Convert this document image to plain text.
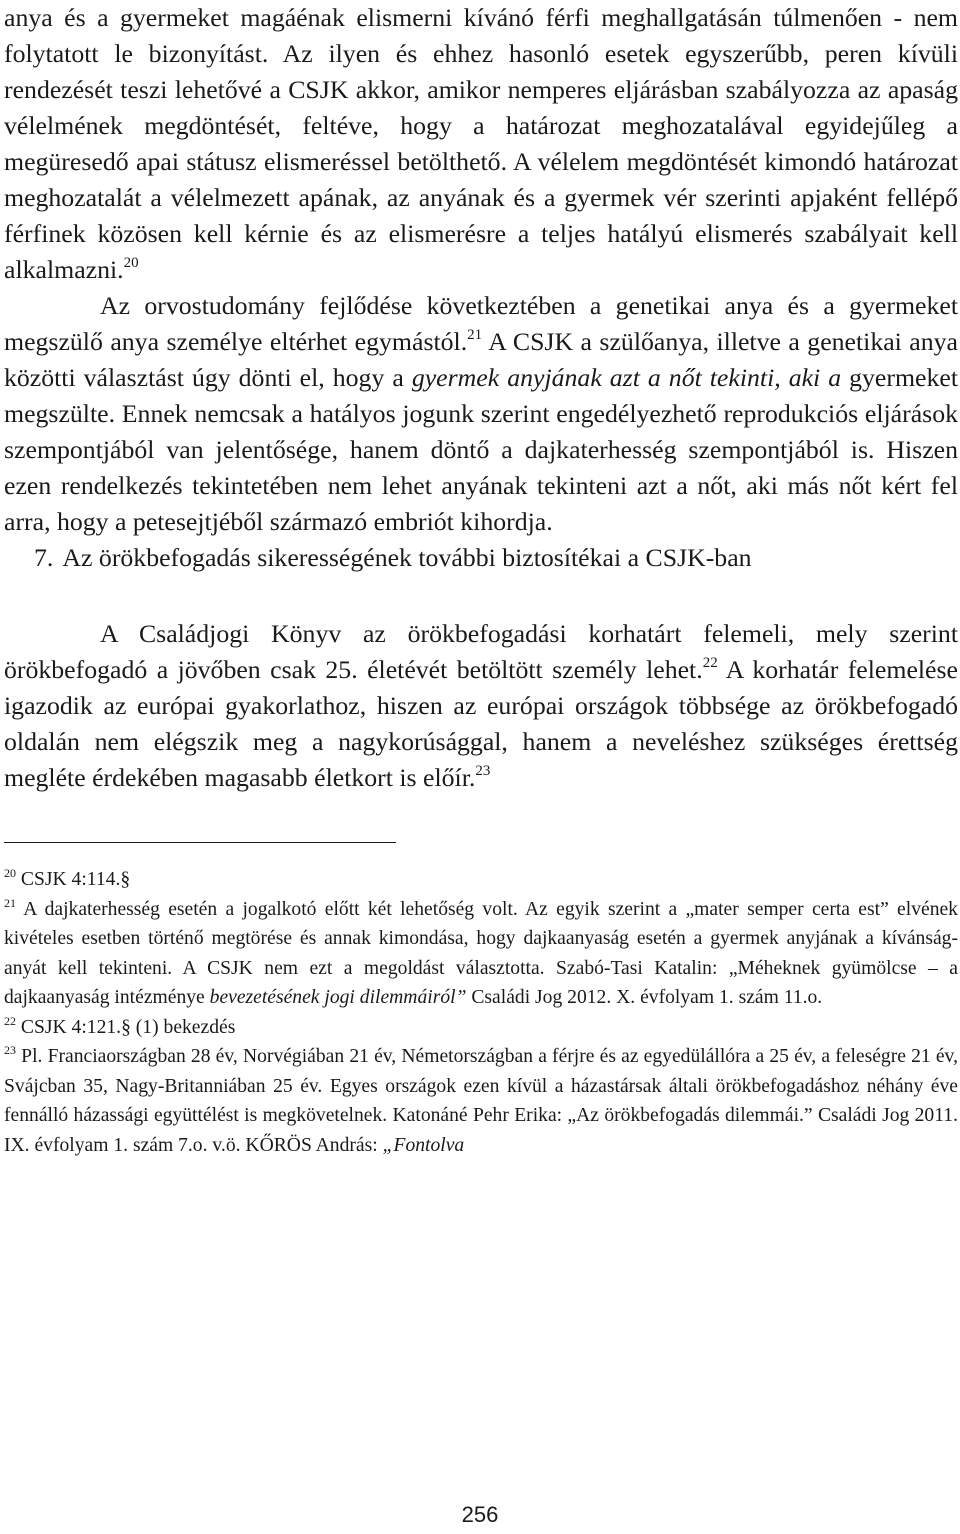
anya és a gyermeket magáénak elismerni kívánó férfi meghallgatásán túlmenően - nem folytatott le bizonyítást. Az ilyen és ehhez hasonló esetek egyszerűbb, peren kívüli rendezését teszi lehetővé a CSJK akkor, amikor nemperes eljárásban szabályozza az apaság vélelmének megdöntését, feltéve, hogy a határozat meghozatalával egyidejűleg a megüresedő apai státusz elismeréssel betölthető. A vélelem megdöntését kimondó határozat meghozatalát a vélelmezett apának, az anyának és a gyermek vér szerinti apjaként fellépő férfinek közösen kell kérnie és az elismerésre a teljes hatályú elismerés szabályait kell alkalmazni.$^{20}$

Az orvostudomány fejlődése következtében a genetikai anya és a gyermeket megszülő anya személye eltérhet egymástól.$^{21}$ A CSJK a szülőanya, illetve a genetikai anya közötti választást úgy dönti el, hogy a gyermek anyjának azt a nőt tekinti, aki a gyermeket megszülte. Ennek nemcsak a hatályos jogunk szerint engedélyezhető reprodukciós eljárások szempontjából van jelentősége, hanem döntő a dajkaterhesség szempontjából is. Hiszen ezen rendelkezés tekintetében nem lehet anyának tekinteni azt a nőt, aki más nőt kért fel arra, hogy a petesejtjéből származó embriót kihordja.

7. Az örökbefogadás sikerességének további biztosítékai a CSJK-ban

A Családjogi Könyv az örökbefogadási korhatárt felemeli, mely szerint örökbefogadó a jövőben csak 25. életévét betöltött személy lehet.$^{22}$ A korhatár felemelése igazodik az európai gyakorlathoz, hiszen az európai országok többsége az örökbefogadó oldalán nem elégszik meg a nagykorúsággal, hanem a neveléshez szükséges érettség megléte érdekében magasabb életkort is előír.$^{23}$

$^{20}$ CSJK 4:114.§

$^{21}$ A dajkaterhesség esetén a jogalkotó előtt két lehetőség volt. Az egyik szerint a „mater semper certa est” elvének kivételes esetben történő megtörése és annak kimondása, hogy dajkaanyaság esetén a gyermek anyjának a kívánság-anyát kell tekinteni. A CSJK nem ezt a megoldást választotta. Szabó-Tasi Katalin: „Méheknek gyümölcse – a dajkaanyaság intézménye bevezetésének jogi dilemmáiról” Családi Jog 2012. X. évfolyam 1. szám 11.o.

$^{22}$ CSJK 4:121.§ (1) bekezdés

$^{23}$ Pl. Franciaországban 28 év, Norvégiában 21 év, Németországban a férjre és az egyedülállóra a 25 év, a feleségre 21 év, Svájcban 35, Nagy-Britanniában 25 év. Egyes országok ezen kívül a házastársak általi örökbefogadáshoz néhány éve fennálló házassági együttélést is megkövetelnek. Katonáné Pehr Erika: „Az örökbefogadás dilemmái.” Családi Jog 2011. IX. évfolyam 1. szám 7.o. v.ö. KŐRÖS András: „Fontolva

256
